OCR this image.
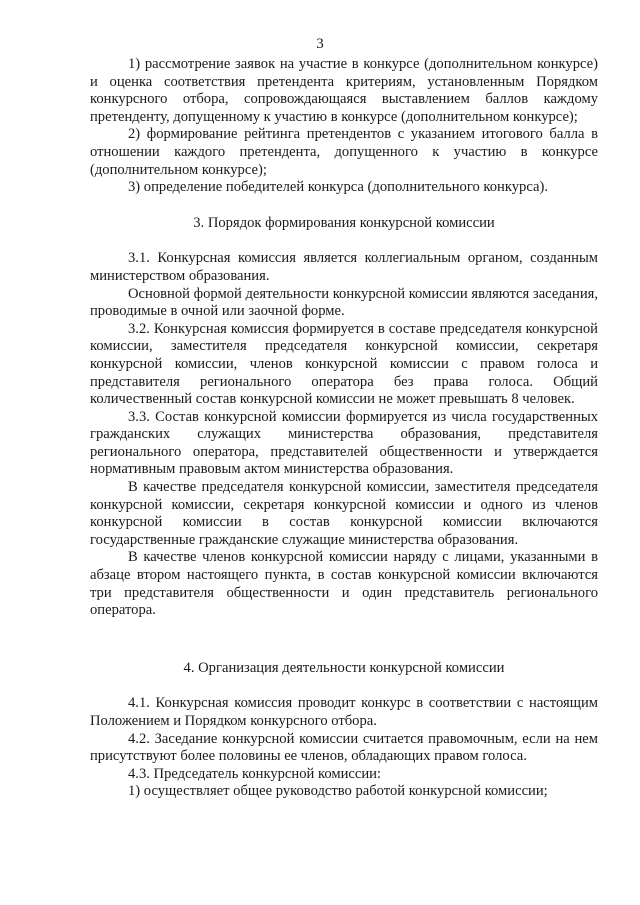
3

1) рассмотрение заявок на участие в конкурсе (дополнительном конкурсе) и оценка соответствия претендента критериям, установленным Порядком конкурсного отбора, сопровождающаяся выставлением баллов каждому претенденту, допущенному к участию в конкурсе (дополнительном конкурсе);

2) формирование рейтинга претендентов с указанием итогового балла в отношении каждого претендента, допущенного к участию в конкурсе (дополнительном конкурсе);

3) определение победителей конкурса (дополнительного конкурса).

3. Порядок формирования конкурсной комиссии

3.1. Конкурсная комиссия является коллегиальным органом, созданным министерством образования.

Основной формой деятельности конкурсной комиссии являются заседания, проводимые в очной или заочной форме.

3.2. Конкурсная комиссия формируется в составе председателя конкурсной комиссии, заместителя председателя конкурсной комиссии, секретаря конкурсной комиссии, членов конкурсной комиссии с правом голоса и представителя регионального оператора без права голоса. Общий количественный состав конкурсной комиссии не может превышать 8 человек.

3.3. Состав конкурсной комиссии формируется из числа государственных гражданских служащих министерства образования, представителя регионального оператора, представителей общественности и утверждается нормативным правовым актом министерства образования.

В качестве председателя конкурсной комиссии, заместителя председателя конкурсной комиссии, секретаря конкурсной комиссии и одного из членов конкурсной комиссии в состав конкурсной комиссии включаются государственные гражданские служащие министерства образования.

В качестве членов конкурсной комиссии наряду с лицами, указанными в абзаце втором настоящего пункта, в состав конкурсной комиссии включаются три представителя общественности и один представитель регионального оператора.

4. Организация деятельности конкурсной комиссии

4.1. Конкурсная комиссия проводит конкурс в соответствии с настоящим Положением и Порядком конкурсного отбора.

4.2. Заседание конкурсной комиссии считается правомочным, если на нем присутствуют более половины ее членов, обладающих правом голоса.

4.3. Председатель конкурсной комиссии:

1) осуществляет общее руководство работой конкурсной комиссии;
